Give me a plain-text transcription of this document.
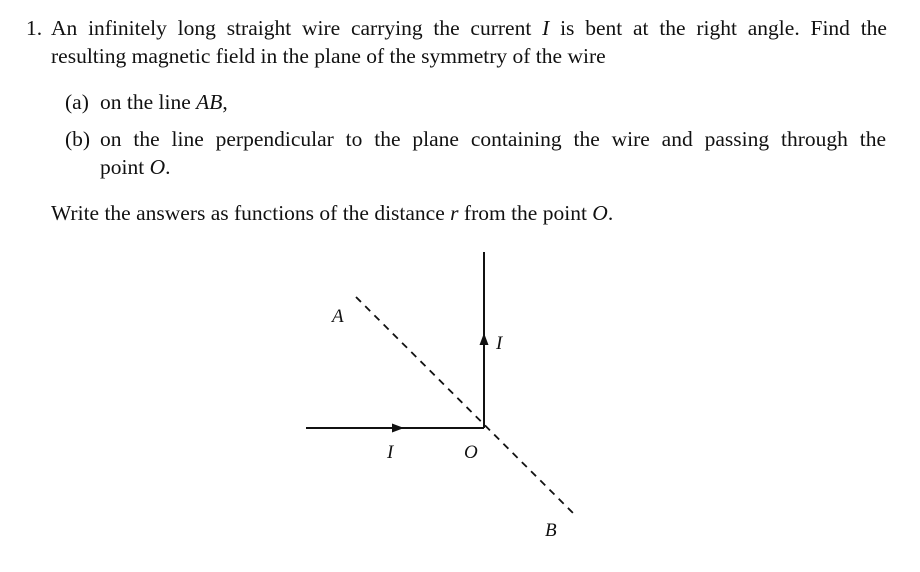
1. An infinitely long straight wire carrying the current I is bent at the right angle. Find the
resulting magnetic field in the plane of the symmetry of the wire
(a) on the line AB,
(b) on the line perpendicular to the plane containing the wire and passing through the
point O.
Write the answers as functions of the distance r from the point O.
A
I
I	O
B
